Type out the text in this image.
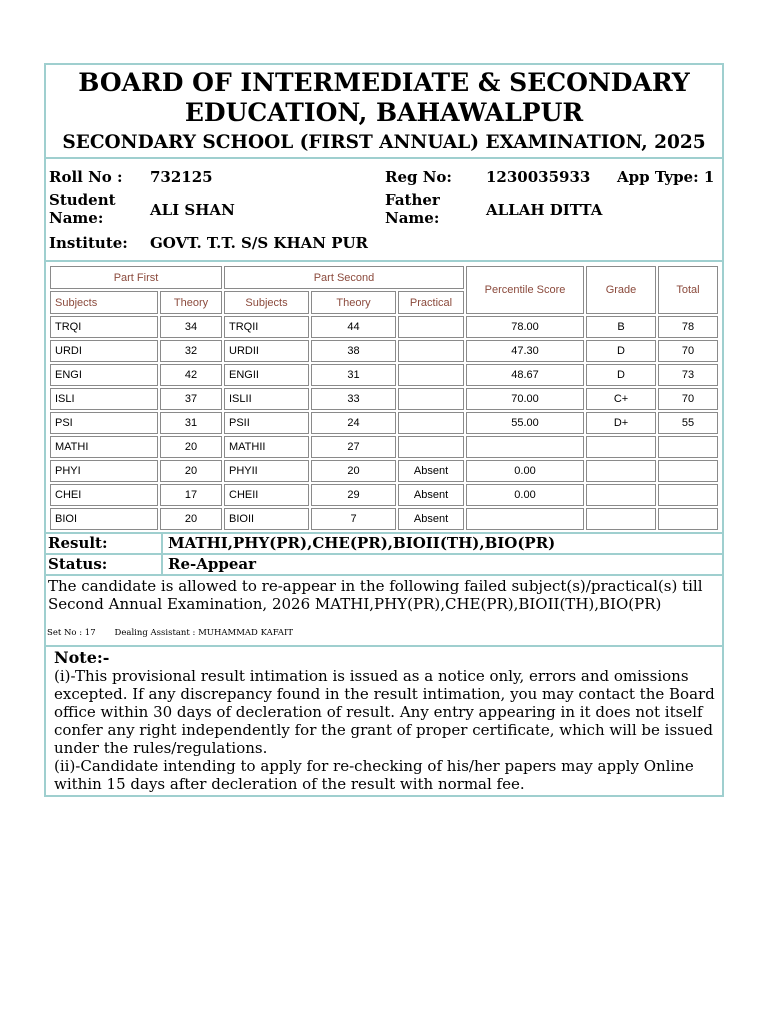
BOARD OF INTERMEDIATE & SECONDARY
EDUCATION, BAHAWALPUR
SECONDARY SCHOOL (FIRST ANNUAL) EXAMINATION, 2025
Roll No : 732125	Reg No: 1230035933 App Type: 1
Student
Name:	ALI SHAN
Father
Name:	ALLAH DITTA
Institute: GOVT. T.T. S/S KHAN PUR
Part First		Part Second			Percentile Score	Grade	Total
Subjects	Theory	Subjects	Theory	Practical			
TRQI	34	TRQII	44		78.00	B	78
URDI	32	URDII	38		47.30	D	70
ENGI	42	ENGII	31		48.67	D	73
ISLI	37	ISLII	33		70.00	C+	70
PSI	31	PSII	24		55.00	D+	55
MATHI	20	MATHII	27				
PHYI	20	PHYII	20	Absent	0.00		
CHEI	17	CHEII	29	Absent	0.00		
BIOI	20	BIOII	7	Absent			
Result:	MATHI,PHY(PR),CHE(PR),BIOII(TH),BIO(PR)
Status:	Re-Appear
The candidate is allowed to re-appear in the following failed subject(s)/practical(s) till Second Annual Examination, 2026 MATHI,PHY(PR),CHE(PR),BIOII(TH),BIO(PR)
Set No : 17 Dealing Assistant : MUHAMMAD KAFAIT
Note:-
(i)-This provisional result intimation is issued as a notice only, errors and omissions excepted. If any discrepancy found in the result intimation, you may contact the Board office within 30 days of decleration of result. Any entry appearing in it does not itself confer any right independently for the grant of proper certificate, which will be issued under the rules/regulations.
(ii)-Candidate intending to apply for re-checking of his/her papers may apply Online within 15 days after decleration of the result with normal fee.
